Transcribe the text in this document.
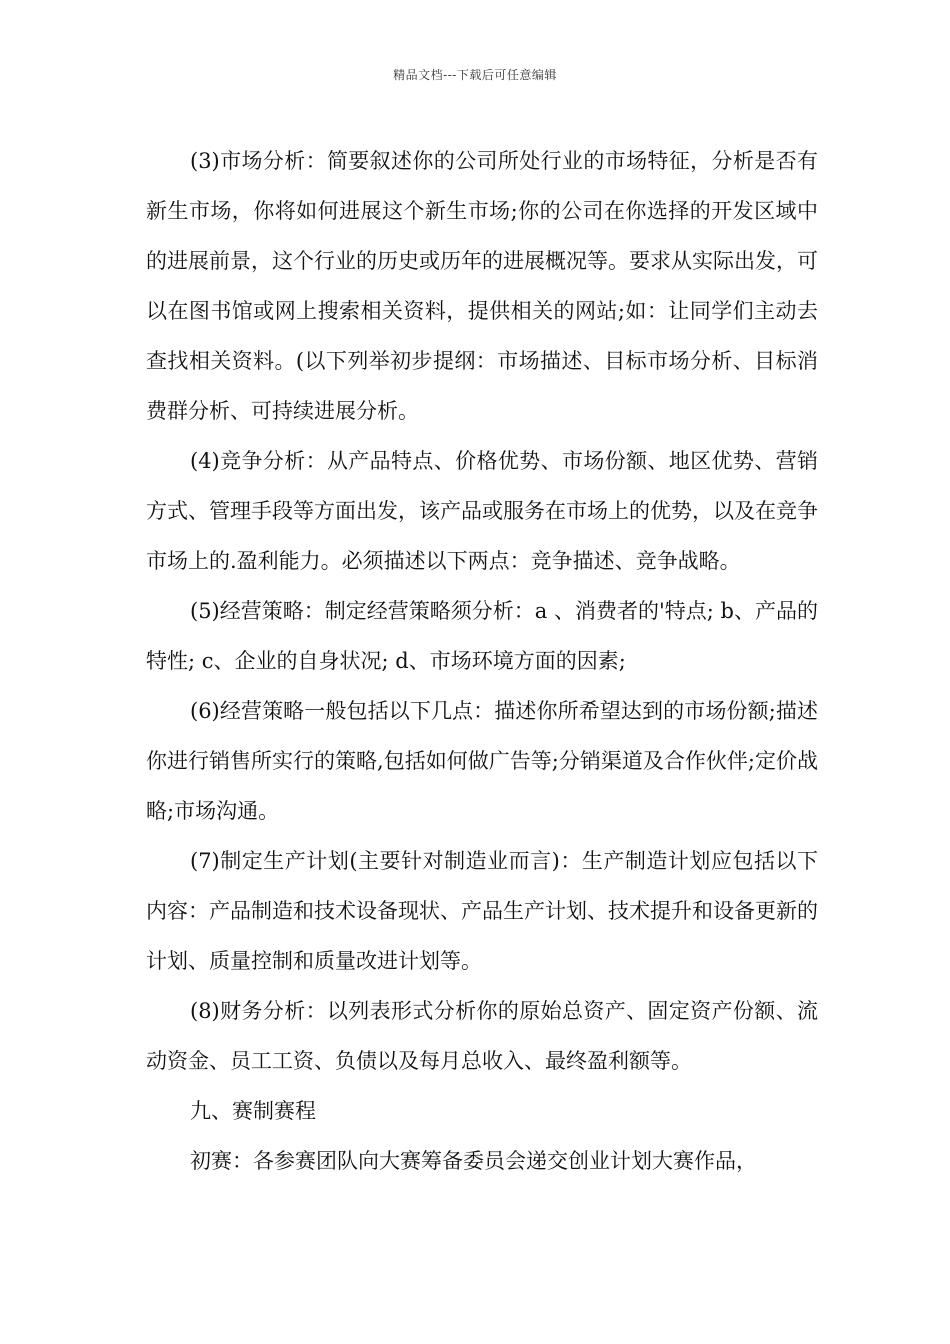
精品文档---下载后可任意编辑

(3)市场分析：简要叙述你的公司所处行业的市场特征，分析是否有新生市场，你将如何进展这个新生市场;你的公司在你选择的开发区域中的进展前景，这个行业的历史或历年的进展概况等。要求从实际出发，可以在图书馆或网上搜索相关资料，提供相关的网站;如：让同学们主动去查找相关资料。(以下列举初步提纲：市场描述、目标市场分析、目标消费群分析、可持续进展分析。

(4)竞争分析：从产品特点、价格优势、市场份额、地区优势、营销方式、管理手段等方面出发，该产品或服务在市场上的优势，以及在竞争市场上的.盈利能力。必须描述以下两点：竞争描述、竞争战略。

(5)经营策略：制定经营策略须分析：a 、消费者的'特点; b、产品的特性; c、企业的自身状况; d、市场环境方面的因素;

(6)经营策略一般包括以下几点：描述你所希望达到的市场份额;描述你进行销售所实行的策略,包括如何做广告等;分销渠道及合作伙伴;定价战略;市场沟通。

(7)制定生产计划(主要针对制造业而言)：生产制造计划应包括以下内容：产品制造和技术设备现状、产品生产计划、技术提升和设备更新的计划、质量控制和质量改进计划等。

(8)财务分析：以列表形式分析你的原始总资产、固定资产份额、流动资金、员工工资、负债以及每月总收入、最终盈利额等。

九、赛制赛程

初赛：各参赛团队向大赛筹备委员会递交创业计划大赛作品，
